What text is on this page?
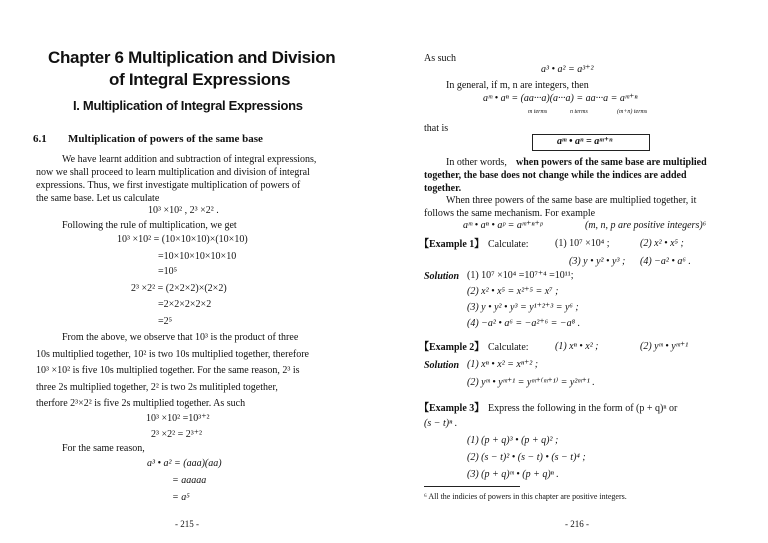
Chapter 6 Multiplication and Division
of Integral Expressions
I. Multiplication of Integral Expressions
6.1 Multiplication of powers of the same base
We have learnt addition and subtraction of integral expressions,
now we shall proceed to learn multiplication and division of integral
expressions. Thus, we first investigate multiplication of powers of
the same base. Let us calculate
10³ ×10² , 2³ ×2² .
Following the rule of multiplication, we get
10³ ×10² = (10×10×10)×(10×10)
=10×10×10×10×10
=10⁵
2³ ×2² = (2×2×2)×(2×2)
=2×2×2×2×2
=2⁵
From the above, we observe that 10³ is the product of three
10s multiplied together, 10² is two 10s multiplied together, therefore
10³ ×10² is five 10s multiplied together. For the same reason, 2³ is
three 2s multiplied together, 2² is two 2s mulitipled together,
therfore 2³×2² is five 2s multiplied together. As such
10³ ×10² =10³⁺²
2³ ×2² = 2³⁺²
For the same reason,
a³ • a² = (aaa)(aa)
= aaaaa
= a⁵
- 215 -
As such
a³ • a² = a³⁺²
In general, if m, n are integers, then
aᵐ • aⁿ = (aa···a)(a···a) = aa···a = aᵐ⁺ⁿ
m terms	n terms	(m+n) terms
that is
aᵐ • aⁿ = aᵐ⁺ⁿ
In other words, when powers of the same base are multiplied
together, the base does not change while the indices are added
together.
When three powers of the same base are multiplied together, it
follows the same mechanism. For example
aᵐ • aⁿ • aᵖ = aᵐ⁺ⁿ⁺ᵖ	(m, n, p are positive integers)⁶
【Example 1】 Calculate:	(1) 10⁷ ×10⁴ ;	(2) x² • x⁵ ;
(3) y • y² • y³ ; (4) −a² • a⁶ .
Solution (1) 10⁷ ×10⁴ =10⁷⁺⁴ =10¹¹;
(2) x² • x⁵ = x²⁺⁵ = x⁷ ;
(3) y • y² • y³ = y¹⁺²⁺³ = y⁶ ;
(4) −a² • a⁶ = −a²⁺⁶ = −a⁸ .
【Example 2】 Calculate:	(1) xⁿ • x² ;	(2) yᵐ • yᵐ⁺¹
Solution (1) xⁿ • x² = xⁿ⁺² ;
(2) yᵐ • yᵐ⁺¹ = yᵐ⁺⁽ᵐ⁺¹⁾ = y²ᵐ⁺¹ .
【Example 3】 Express the following in the form of (p + q)ⁿ or
(s − t)ⁿ .
(1) (p + q)³ • (p + q)² ;
(2) (s − t)² • (s − t) • (s − t)⁴ ;
(3) (p + q)ᵐ • (p + q)ⁿ .
⁶ All the indicies of powers in this chapter are positive integers.
- 216 -
